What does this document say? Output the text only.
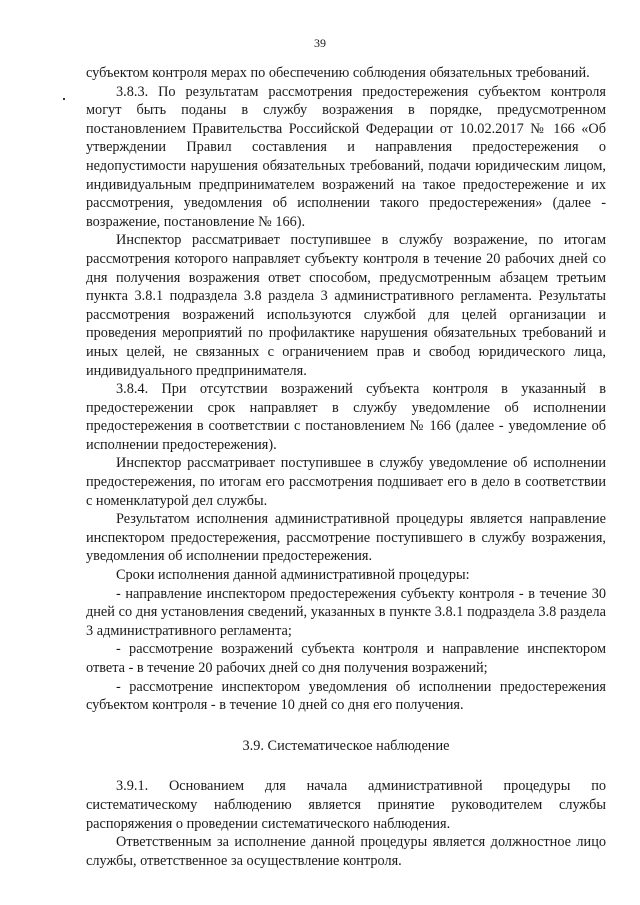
39

субъектом контроля мерах по обеспечению соблюдения обязательных требований.

3.8.3. По результатам рассмотрения предостережения субъектом контроля могут быть поданы в службу возражения в порядке, предусмотренном постановлением Правительства Российской Федерации от 10.02.2017 № 166 «Об утверждении Правил составления и направления предостережения о недопустимости нарушения обязательных требований, подачи юридическим лицом, индивидуальным предпринимателем возражений на такое предостережение и их рассмотрения, уведомления об исполнении такого предостережения» (далее - возражение, постановление № 166).

Инспектор рассматривает поступившее в службу возражение, по итогам рассмотрения которого направляет субъекту контроля в течение 20 рабочих дней со дня получения возражения ответ способом, предусмотренным абзацем третьим пункта 3.8.1 подраздела 3.8 раздела 3 административного регламента. Результаты рассмотрения возражений используются службой для целей организации и проведения мероприятий по профилактике нарушения обязательных требований и иных целей, не связанных с ограничением прав и свобод юридического лица, индивидуального предпринимателя.

3.8.4. При отсутствии возражений субъекта контроля в указанный в предостережении срок направляет в службу уведомление об исполнении предостережения в соответствии с постановлением № 166 (далее - уведомление об исполнении предостережения).

Инспектор рассматривает поступившее в службу уведомление об исполнении предостережения, по итогам его рассмотрения подшивает его в дело в соответствии с номенклатурой дел службы.

Результатом исполнения административной процедуры является направление инспектором предостережения, рассмотрение поступившего в службу возражения, уведомления об исполнении предостережения.

Сроки исполнения данной административной процедуры:

- направление инспектором предостережения субъекту контроля - в течение 30 дней со дня установления сведений, указанных в пункте 3.8.1 подраздела 3.8 раздела 3 административного регламента;

- рассмотрение возражений субъекта контроля и направление инспектором ответа - в течение 20 рабочих дней со дня получения возражений;

- рассмотрение инспектором уведомления об исполнении предостережения субъектом контроля - в течение 10 дней со дня его получения.

3.9. Систематическое наблюдение

3.9.1. Основанием для начала административной процедуры по систематическому наблюдению является принятие руководителем службы распоряжения о проведении систематического наблюдения.

Ответственным за исполнение данной процедуры является должностное лицо службы, ответственное за осуществление контроля.
